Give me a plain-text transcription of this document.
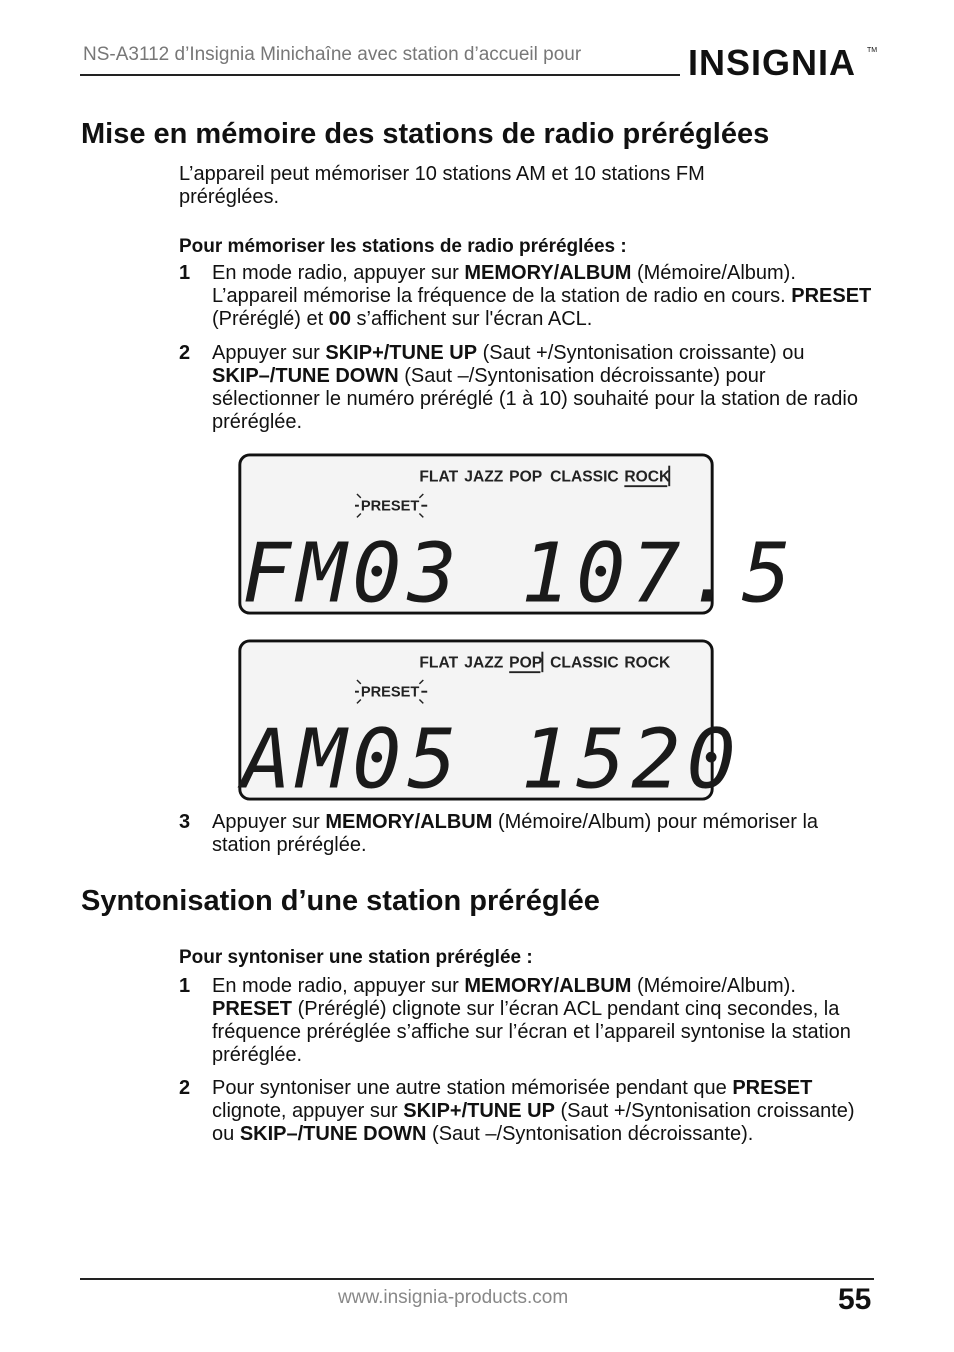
NS-A3112 d’Insignia Minichaîne avec station d’accueil pour	INSIGNIA TM
Mise en mémoire des stations de radio préréglées

L’appareil peut mémoriser 10 stations AM et 10 stations FM préréglées.

Pour mémoriser les stations de radio préréglées :

1 En mode radio, appuyer sur MEMORY/ALBUM (Mémoire/Album). L’appareil mémorise la fréquence de la station de radio en cours. PRESET (Préréglé) et 00 s’affichent sur l'écran ACL.
2 Appuyer sur SKIP+/TUNE UP (Saut +/Syntonisation croissante) ou SKIP–/TUNE DOWN (Saut –/Syntonisation décroissante) pour sélectionner le numéro préréglé (1 à 10) souhaité pour la station de radio préréglée.
FLAT JAZZ POP CLASSIC ROCK
PRESET
FM03 107.5
FLAT JAZZ POP CLASSIC ROCK
PRESET
AM05 1520
3 Appuyer sur MEMORY/ALBUM (Mémoire/Album) pour mémoriser la station préréglée.
Syntonisation d’une station préréglée

Pour syntoniser une station préréglée :

1 En mode radio, appuyer sur MEMORY/ALBUM (Mémoire/Album). PRESET (Préréglé) clignote sur l’écran ACL pendant cinq secondes, la fréquence préréglée s’affiche sur l’écran et l’appareil syntonise la station préréglée.
2 Pour syntoniser une autre station mémorisée pendant que PRESET clignote, appuyer sur SKIP+/TUNE UP (Saut +/Syntonisation croissante) ou SKIP–/TUNE DOWN (Saut –/Syntonisation décroissante).
www.insignia-products.com	55
